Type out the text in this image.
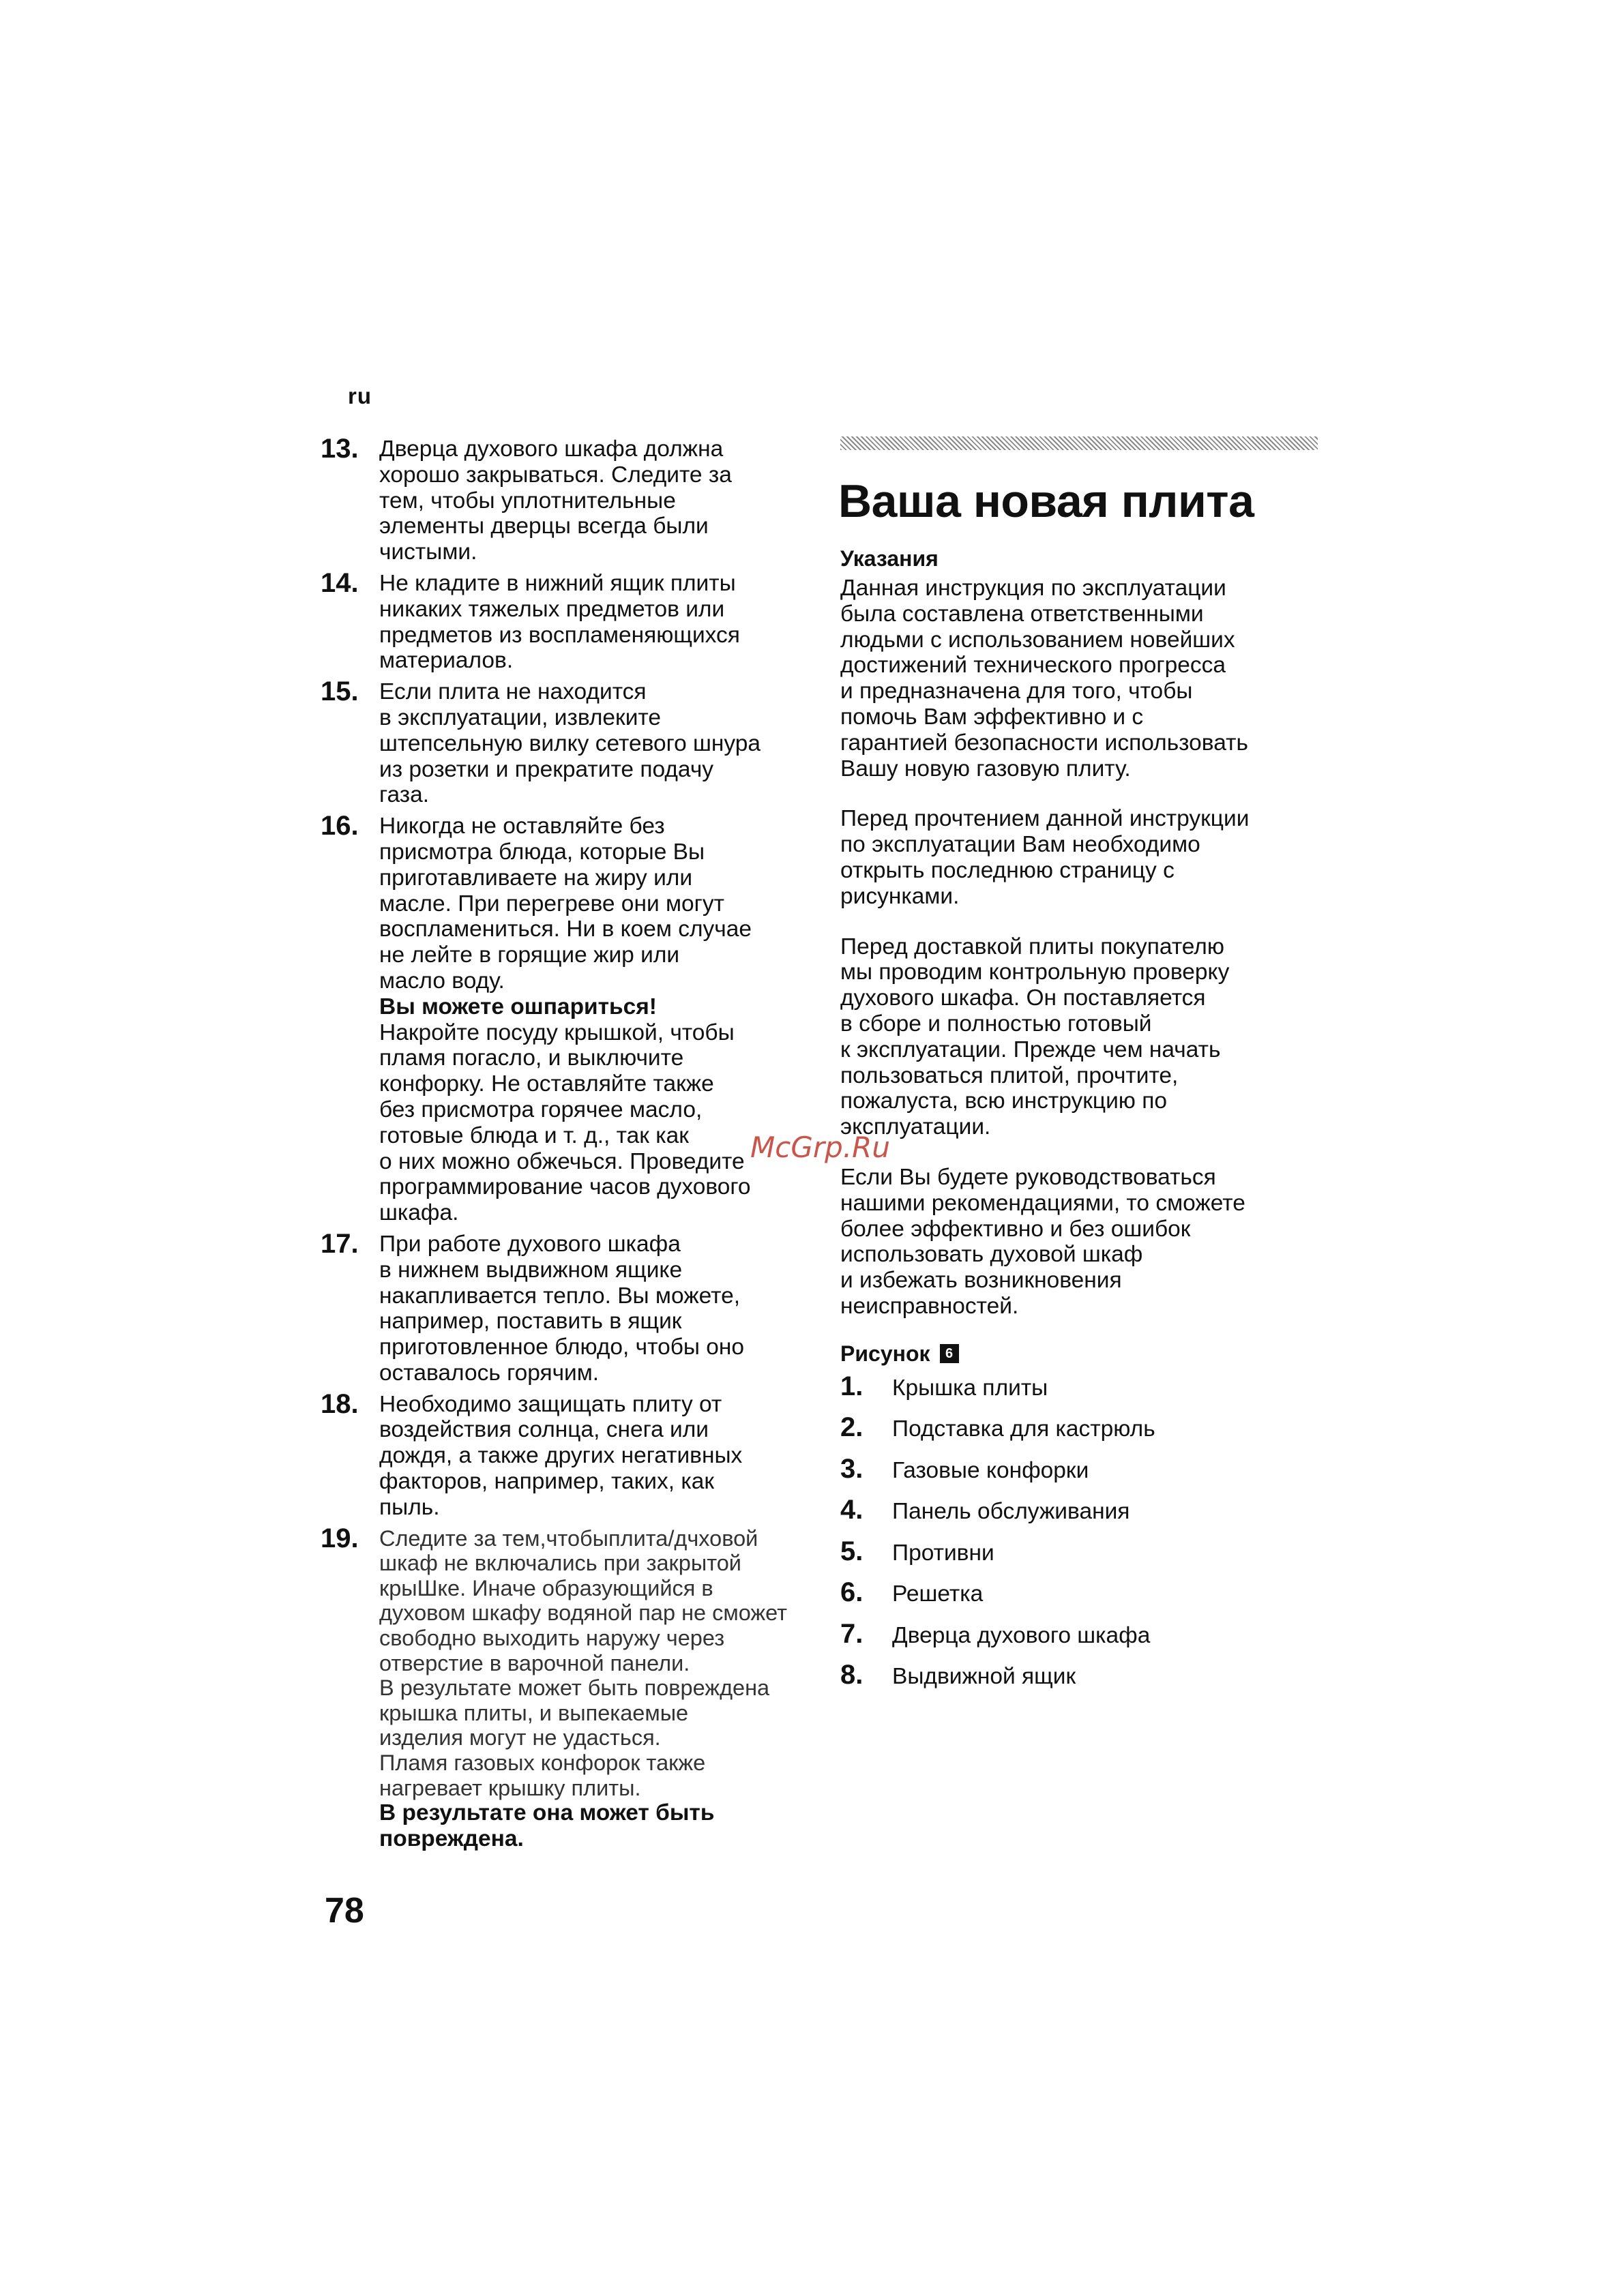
ru
13. Дверца духового шкафа должна
хорошо закрываться. Следите за
тем, чтобы уплотнительные
элементы дверцы всегда были
чистыми.
14. Не кладите в нижний ящик плиты
никаких тяжелых предметов или
предметов из воспламеняющихся
материалов.
15. Если плита не находится
в эксплуатации, извлеките
штепсельную вилку сетевого шнура
из розетки и прекратите подачу
газа.
16. Никогда не оставляйте без
присмотра блюда, которые Вы
приготавливаете на жиру или
масле. При перегреве они могут
воспламениться. Ни в коем случае
не лейте в горящие жир или
масло воду.
Вы можете ошпариться!
Накройте посуду крышкой, чтобы
пламя погасло, и выключите
конфорку. Не оставляйте также
без присмотра горячее масло,
готовые блюда и т. д., так как
о них можно обжечься. Проведите
программирование часов духового
шкафа.
17. При работе духового шкафа
в нижнем выдвижном ящике
накапливается тепло. Вы можете,
например, поставить в ящик
приготовленное блюдо, чтобы оно
оставалось горячим.
18. Необходимо защищать плиту от
воздействия солнца, снега или
дождя, а также других негативных
факторов, например, таких, как
пыль.
19. Следите за тем,чтобыплита/дчховой
шкаф не включались при закрытой
крыШке. Иначе образующийся в
духовом шкафу водяной пар не сможет
свободно выходить наружу через
отверстие в варочной панели.
В результате может быть повреждена
крышка плиты, и выпекаемые
изделия могут не удасться.
Пламя газовых конфорок также
нагревает крышку плиты.
В результате она может быть
повреждена.
Ваша новая плита
Указания
Данная инструкция по эксплуатации
была составлена ответственными
людьми с использованием новейших
достижений технического прогресса
и предназначена для того, чтобы
помочь Вам эффективно и с
гарантией безопасности использовать
Вашу новую газовую плиту.
Перед прочтением данной инструкции
по эксплуатации Вам необходимо
открыть последнюю страницу с
рисунками.
Перед доставкой плиты покупателю
мы проводим контрольную проверку
духового шкафа. Он поставляется
в сборе и полностью готовый
к эксплуатации. Прежде чем начать
пользоваться плитой, прочтите,
пожалуста, всю инструкцию по
эксплуатации.
Если Вы будете руководствоваться
нашими рекомендациями, то сможете
более эффективно и без ошибок
использовать духовой шкаф
и избежать возникновения
неисправностей.
Рисунок	6
1.	Крышка плиты
2.	Подставка для кастрюль
3.	Газовые конфорки
4.	Панель обслуживания
5.	Противни
6.	Решетка
7.	Дверца духового шкафа
8.	Выдвижной ящик
McGrp.Ru
78
